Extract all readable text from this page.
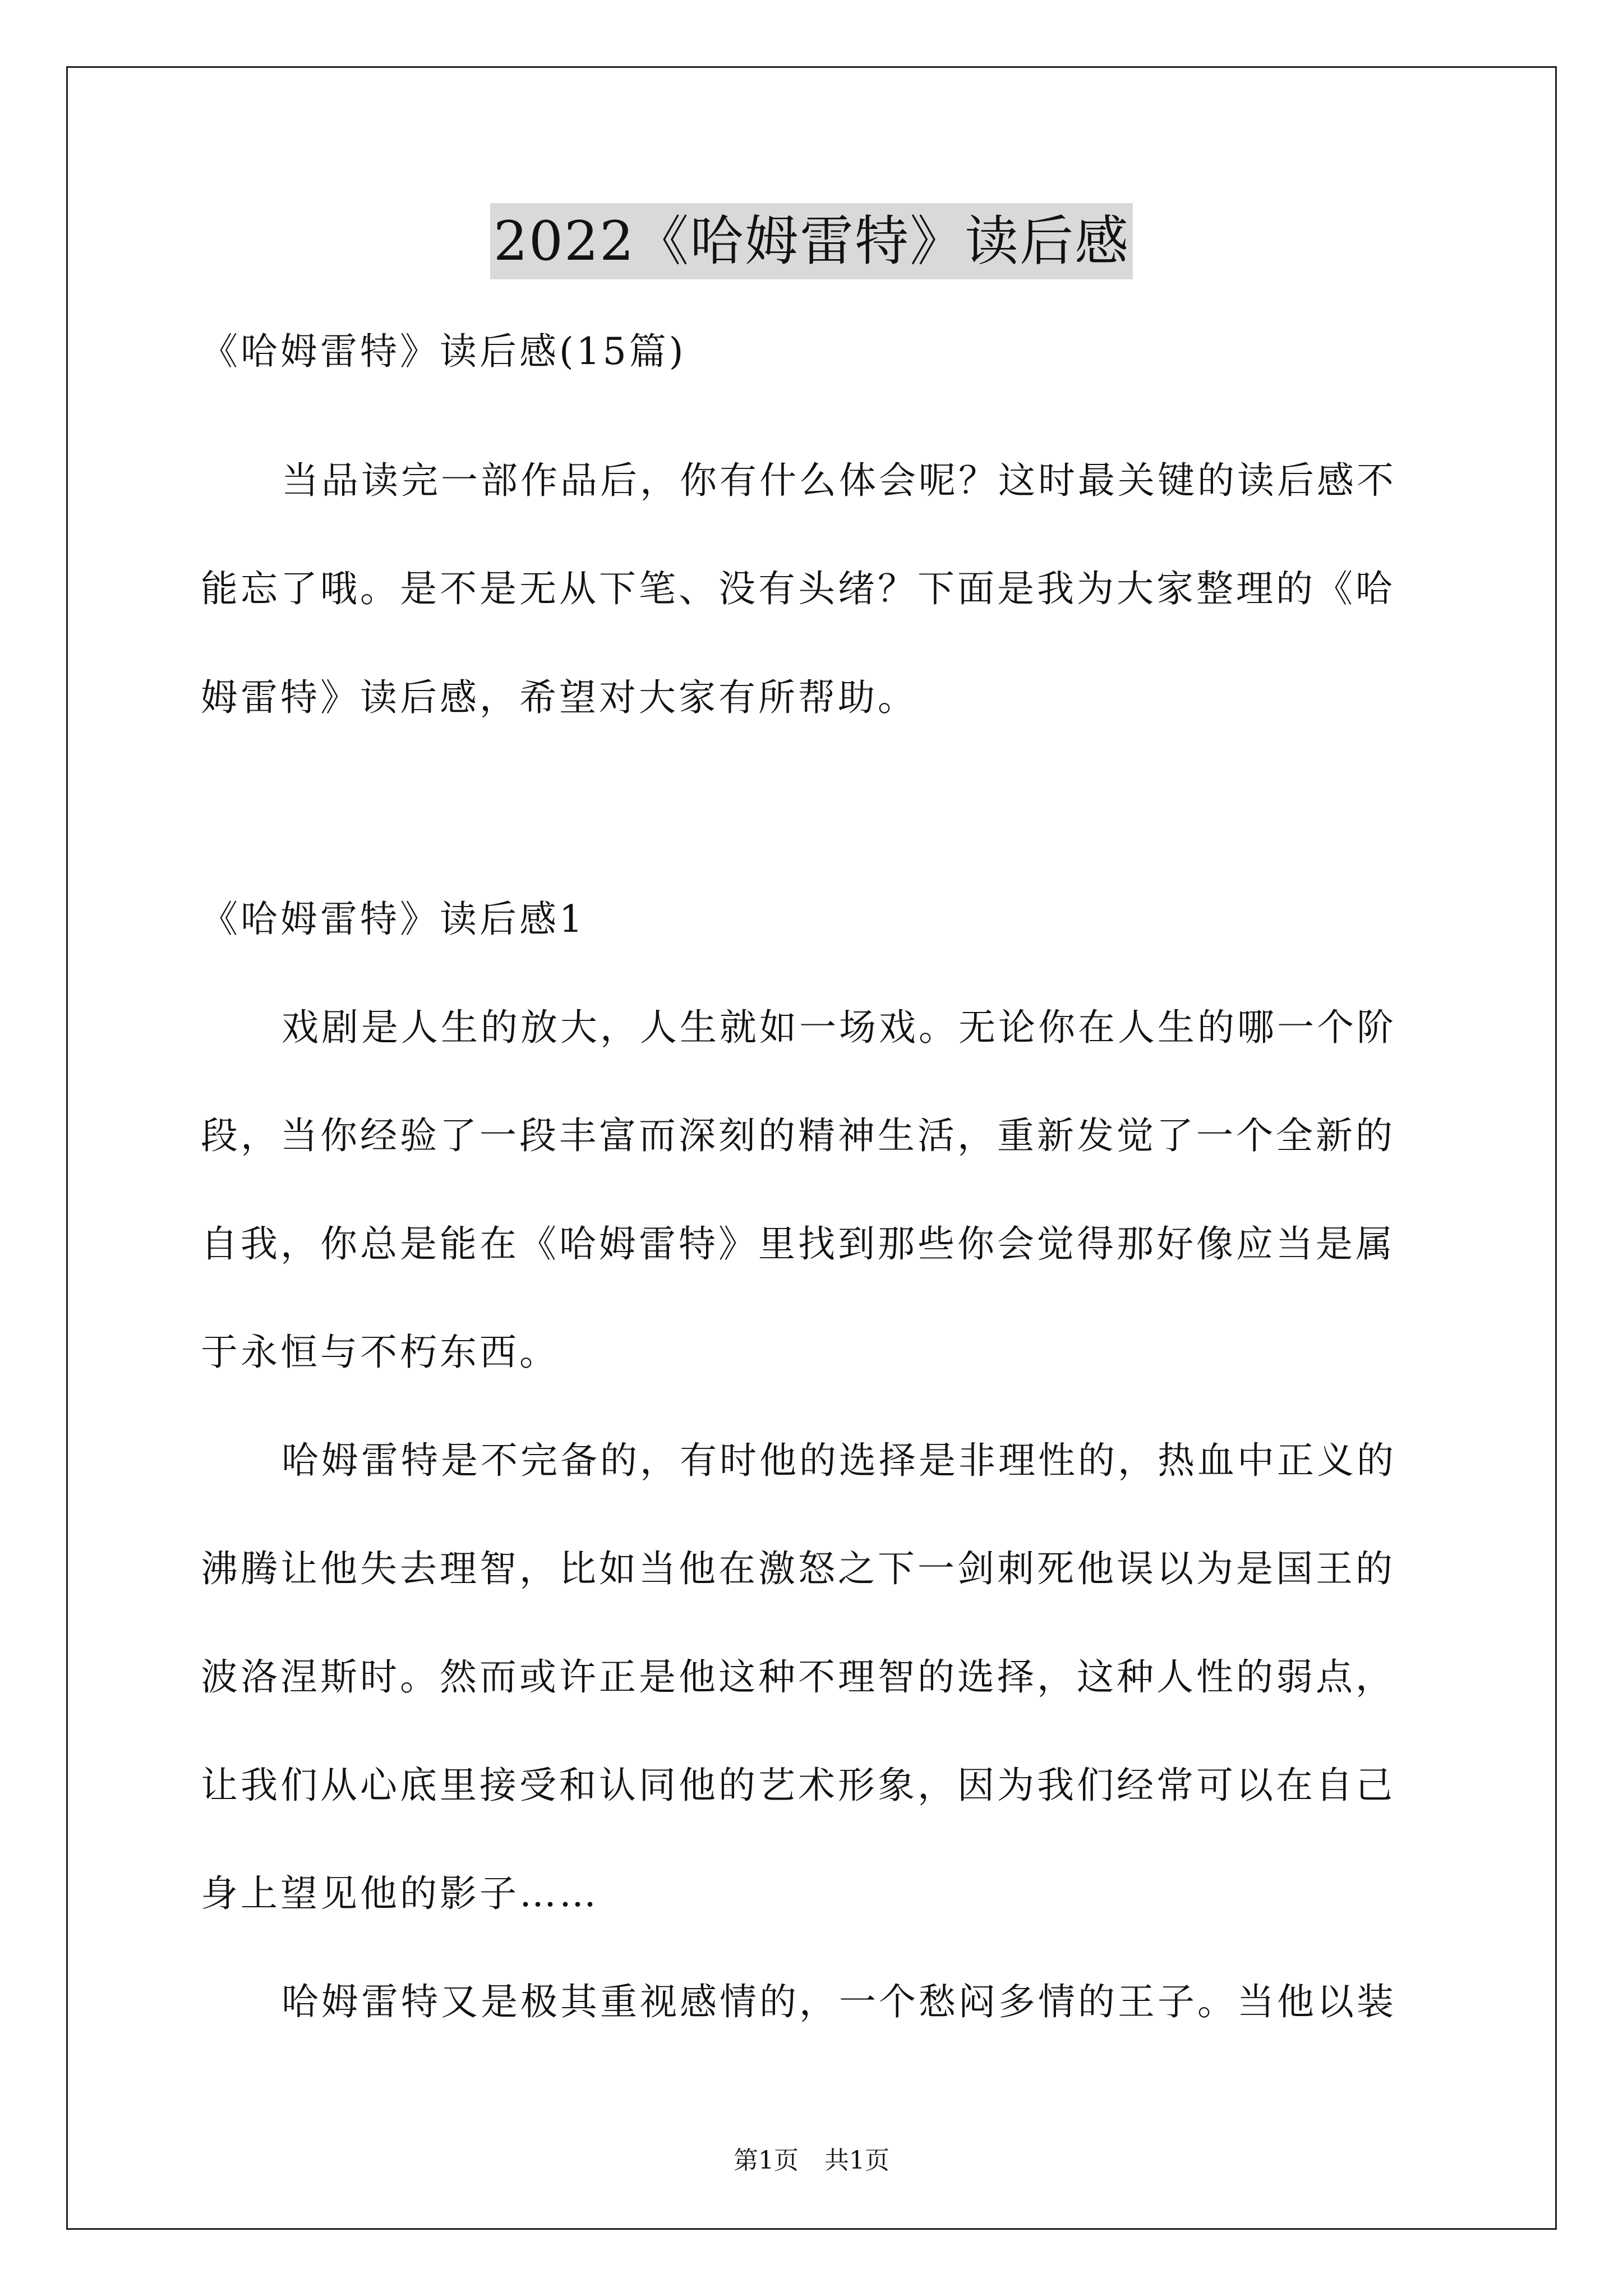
2022《哈姆雷特》读后感
《哈姆雷特》读后感(15篇)
当品读完一部作品后，你有什么体会呢？这时最关键的读后感不
能忘了哦。是不是无从下笔、没有头绪？下面是我为大家整理的《哈
姆雷特》读后感，希望对大家有所帮助。
《哈姆雷特》读后感1
戏剧是人生的放大，人生就如一场戏。无论你在人生的哪一个阶
段，当你经验了一段丰富而深刻的精神生活，重新发觉了一个全新的
自我，你总是能在《哈姆雷特》里找到那些你会觉得那好像应当是属
于永恒与不朽东西。
哈姆雷特是不完备的，有时他的选择是非理性的，热血中正义的
沸腾让他失去理智，比如当他在激怒之下一剑刺死他误以为是国王的
波洛涅斯时。然而或许正是他这种不理智的选择，这种人性的弱点，
让我们从心底里接受和认同他的艺术形象，因为我们经常可以在自己
身上望见他的影子……
哈姆雷特又是极其重视感情的，一个愁闷多情的王子。当他以装
第1页 共1页
